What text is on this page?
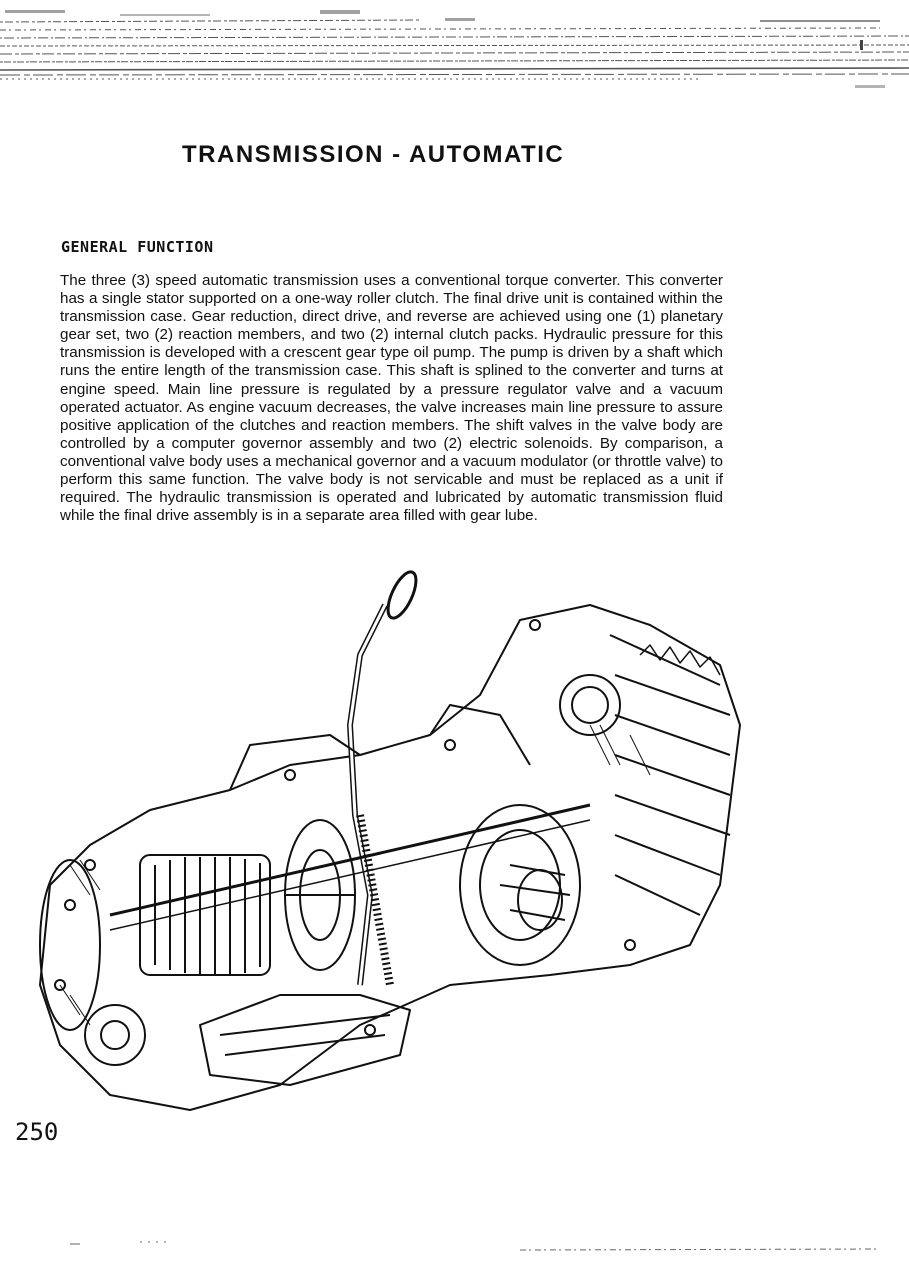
TRANSMISSION - AUTOMATIC
GENERAL FUNCTION

The three (3) speed automatic transmission uses a conventional torque converter. This converter has a single stator supported on a one-way roller clutch. The final drive unit is contained within the transmission case. Gear reduction, direct drive, and reverse are achieved using one (1) planetary gear set, two (2) reaction members, and two (2) internal clutch packs. Hydraulic pressure for this transmission is developed with a crescent gear type oil pump. The pump is driven by a shaft which runs the entire length of the transmission case. This shaft is splined to the converter and turns at engine speed. Main line pressure is regulated by a pressure regulator valve and a vacuum operated actuator. As engine vacuum decreases, the valve increases main line pressure to assure positive application of the clutches and reaction members. The shift valves in the valve body are controlled by a computer governor assembly and two (2) electric solenoids. By comparison, a conventional valve body uses a mechanical governor and a vacuum modulator (or throttle valve) to perform this same function. The valve body is not servicable and must be replaced as a unit if required. The hydraulic transmission is operated and lubricated by automatic transmission fluid while the final drive assembly is in a separate area filled with gear lube.

250
